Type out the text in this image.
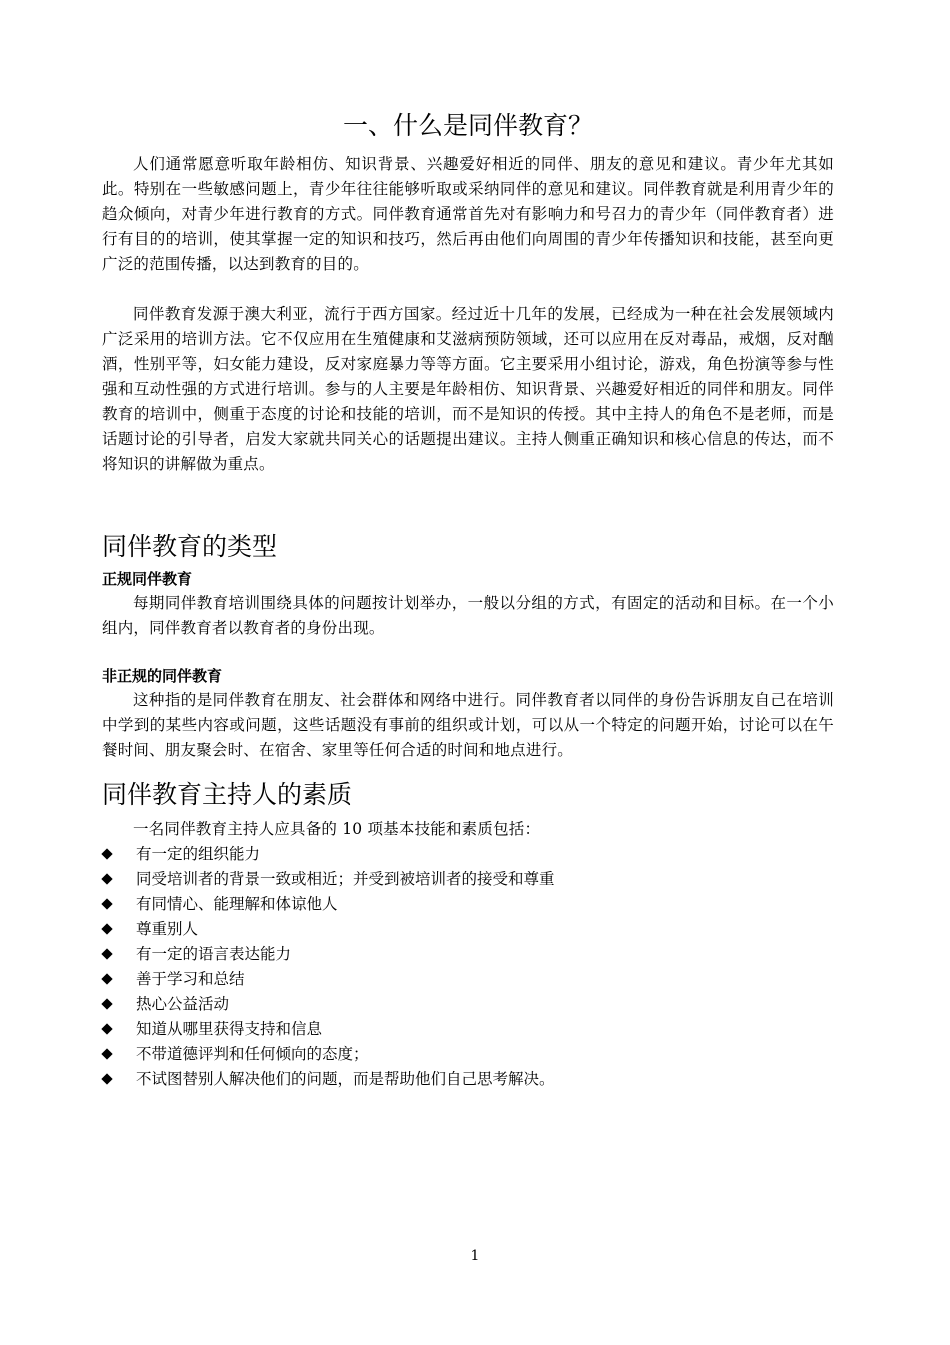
一、什么是同伴教育？

人们通常愿意听取年龄相仿、知识背景、兴趣爱好相近的同伴、朋友的意见和建议。青少年尤其如此。特别在一些敏感问题上，青少年往往能够听取或采纳同伴的意见和建议。同伴教育就是利用青少年的趋众倾向，对青少年进行教育的方式。同伴教育通常首先对有影响力和号召力的青少年（同伴教育者）进行有目的的培训，使其掌握一定的知识和技巧，然后再由他们向周围的青少年传播知识和技能，甚至向更广泛的范围传播，以达到教育的目的。

同伴教育发源于澳大利亚，流行于西方国家。经过近十几年的发展，已经成为一种在社会发展领域内广泛采用的培训方法。它不仅应用在生殖健康和艾滋病预防领域，还可以应用在反对毒品，戒烟，反对酗酒，性别平等，妇女能力建设，反对家庭暴力等等方面。它主要采用小组讨论，游戏，角色扮演等参与性强和互动性强的方式进行培训。参与的人主要是年龄相仿、知识背景、兴趣爱好相近的同伴和朋友。同伴教育的培训中，侧重于态度的讨论和技能的培训，而不是知识的传授。其中主持人的角色不是老师，而是话题讨论的引导者，启发大家就共同关心的话题提出建议。主持人侧重正确知识和核心信息的传达，而不将知识的讲解做为重点。

同伴教育的类型
正规同伴教育

每期同伴教育培训围绕具体的问题按计划举办，一般以分组的方式，有固定的活动和目标。在一个小组内，同伴教育者以教育者的身份出现。

非正规的同伴教育

这种指的是同伴教育在朋友、社会群体和网络中进行。同伴教育者以同伴的身份告诉朋友自己在培训中学到的某些内容或问题，这些话题没有事前的组织或计划，可以从一个特定的问题开始，讨论可以在午餐时间、朋友聚会时、在宿舍、家里等任何合适的时间和地点进行。

同伴教育主持人的素质

一名同伴教育主持人应具备的 10 项基本技能和素质包括：

有一定的组织能力
同受培训者的背景一致或相近；并受到被培训者的接受和尊重
有同情心、能理解和体谅他人
尊重别人
有一定的语言表达能力
善于学习和总结
热心公益活动
知道从哪里获得支持和信息
不带道德评判和任何倾向的态度；
不试图替别人解决他们的问题，而是帮助他们自己思考解决。
1
